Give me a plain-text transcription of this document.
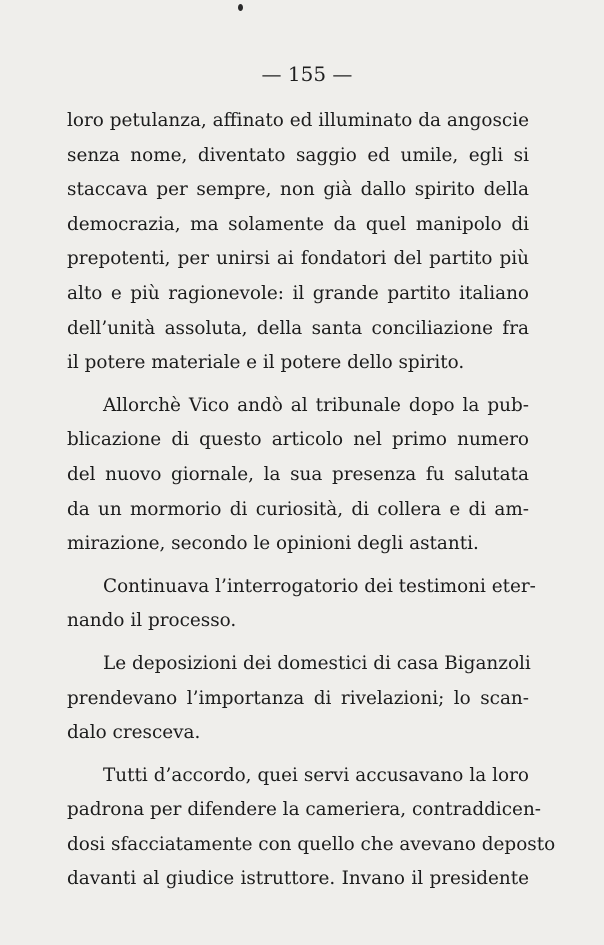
— 155 —
loro petulanza, affinato ed illuminato da angoscie
senza nome, diventato saggio ed umile, egli si
staccava per sempre, non già dallo spirito della
democrazia, ma solamente da quel manipolo di
prepotenti, per unirsi ai fondatori del partito più
alto e più ragionevole: il grande partito italiano
dell’unità assoluta, della santa conciliazione fra
il potere materiale e il potere dello spirito.
Allorchè Vico andò al tribunale dopo la pub-
blicazione di questo articolo nel primo numero
del nuovo giornale, la sua presenza fu salutata
da un mormorio di curiosità, di collera e di am-
mirazione, secondo le opinioni degli astanti.
Continuava l’interrogatorio dei testimoni eter-
nando il processo.
Le deposizioni dei domestici di casa Biganzoli
prendevano l’importanza di rivelazioni; lo scan-
dalo cresceva.
Tutti d’accordo, quei servi accusavano la loro
padrona per difendere la cameriera, contraddicen-
dosi sfacciatamente con quello che avevano deposto
davanti al giudice istruttore. Invano il presidente
